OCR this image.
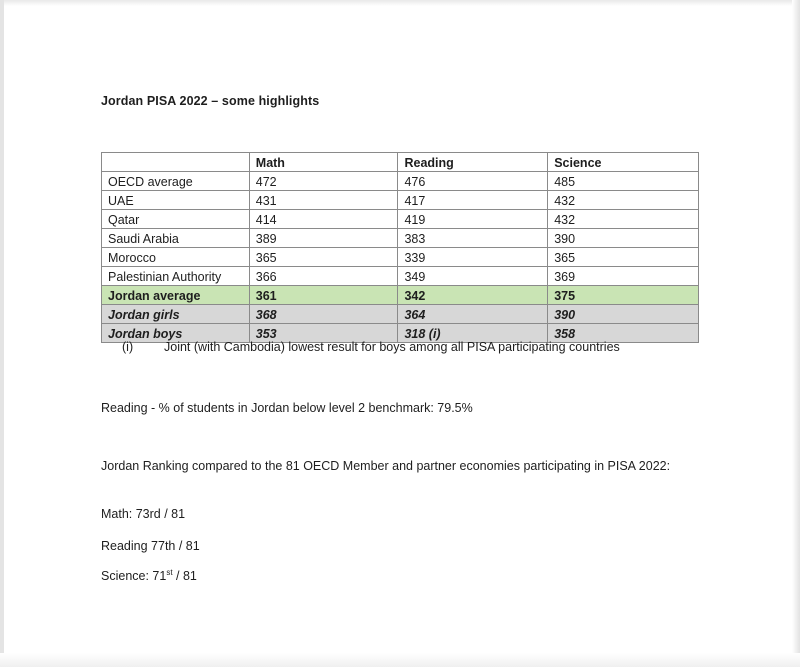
Jordan PISA 2022 – some highlights
	Math	Reading	Science
OECD average	472	476	485
UAE	431	417	432
Qatar	414	419	432
Saudi Arabia	389	383	390
Morocco	365	339	365
Palestinian Authority	366	349	369
Jordan average	361	342	375
Jordan girls	368	364	390
Jordan boys	353	318 (i)	358
(i) Joint (with Cambodia) lowest result for boys among all PISA participating countries
Reading - % of students in Jordan below level 2 benchmark: 79.5%
Jordan Ranking compared to the 81 OECD Member and partner economies participating in PISA 2022:
Math: 73rd / 81
Reading 77th / 81
Science: 71st / 81
